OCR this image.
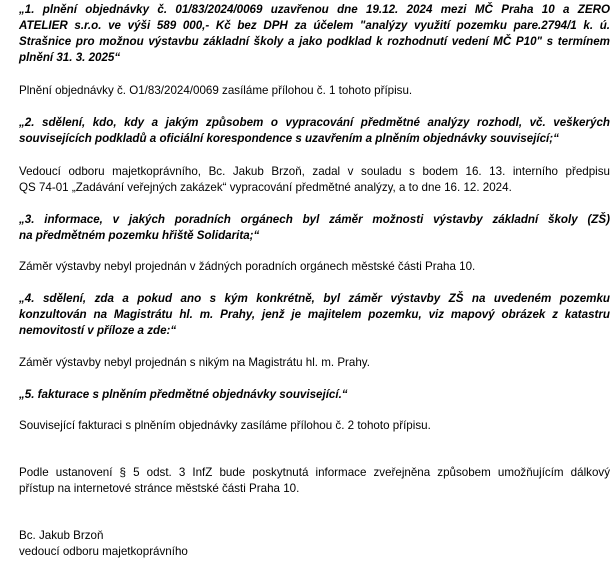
„1. plnění objednávky č. 01/83/2024/0069 uzavřenou dne 19.12. 2024 mezi MČ Praha 10 a ZERO
ATELIER s.r.o. ve výši 589 000,- Kč bez DPH za účelem "analýzy využití pozemku pare.2794/1 k. ú.
Strašnice pro možnou výstavbu základní školy a jako podklad k rozhodnutí vedení MČ P10" s termínem
plnění 31. 3. 2025“
Plnění objednávky č. O1/83/2024/0069 zasíláme přílohou č. 1 tohoto přípisu.
„2. sdělení, kdo, kdy a jakým způsobem o vypracování předmětné analýzy rozhodl, vč. veškerých
souvisejících podkladů a oficiální korespondence s uzavřením a plněním objednávky související;“
Vedoucí odboru majetkoprávního, Bc. Jakub Brzoň, zadal v souladu s bodem 16. 13. interního předpisu
QS 74-01 „Zadávání veřejných zakázek“ vypracování předmětné analýzy, a to dne 16. 12. 2024.
„3. informace, v jakých poradních orgánech byl záměr možnosti výstavby základní školy (ZŠ)
na předmětném pozemku hřiště Solidarita;“
Záměr výstavby nebyl projednán v žádných poradních orgánech městské části Praha 10.
„4. sdělení, zda a pokud ano s kým konkrétně, byl záměr výstavby ZŠ na uvedeném pozemku
konzultován na Magistrátu hl. m. Prahy, jenž je majitelem pozemku, viz mapový obrázek z katastru
nemovitostí v příloze a zde:“
Záměr výstavby nebyl projednán s nikým na Magistrátu hl. m. Prahy.
„5. fakturace s plněním předmětné objednávky související.“
Související fakturaci s plněním objednávky zasíláme přílohou č. 2 tohoto přípisu.
Podle ustanovení § 5 odst. 3 InfZ bude poskytnutá informace zveřejněna způsobem umožňujícím dálkový
přístup na internetové stránce městské části Praha 10.
Bc. Jakub Brzoň
vedoucí odboru majetkoprávního
